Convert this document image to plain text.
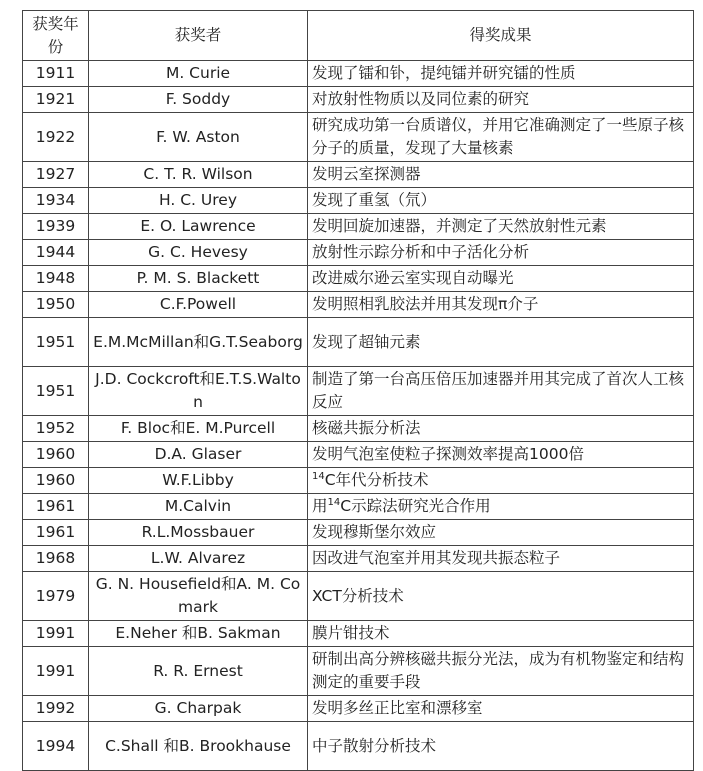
获奖年份	获奖者	得奖成果
1911	M. Curie	发现了镭和钋，提纯镭并研究镭的性质
1921	F. Soddy	对放射性物质以及同位素的研究
1922	F. W. Aston	研究成功第一台质谱仪，并用它准确测定了一些原子核分子的质量，发现了大量核素
1927	C. T. R. Wilson	发明云室探测器
1934	H. C. Urey	发现了重氢（氘）
1939	E. O. Lawrence	发明回旋加速器，并测定了天然放射性元素
1944	G. C. Hevesy	放射性示踪分析和中子活化分析
1948	P. M. S. Blackett	改进威尔逊云室实现自动曝光
1950	C.F.Powell	发明照相乳胶法并用其发现π介子
1951	E.M.McMillan和G.T.Seaborg	发现了超铀元素
1951	J.D. Cockcroft和E.T.S.Walton	制造了第一台高压倍压加速器并用其完成了首次人工核反应
1952	F. Bloc和E. M.Purcell	核磁共振分析法
1960	D.A. Glaser	发明气泡室使粒子探测效率提高1000倍
1960	W.F.Libby	$^{14}$C年代分析技术
1961	M.Calvin	用$^{14}$C示踪法研究光合作用
1961	R.L.Mossbauer	发现穆斯堡尔效应
1968	L.W. Alvarez	因改进气泡室并用其发现共振态粒子
1979	G. N. Housefield和A. M. Comark	XCT分析技术
1991	E.Neher 和B. Sakman	膜片钳技术
1991	R. R. Ernest	研制出高分辨核磁共振分光法，成为有机物鉴定和结构测定的重要手段
1992	G. Charpak	发明多丝正比室和漂移室
1994	C.Shall 和B. Brookhause	中子散射分析技术
